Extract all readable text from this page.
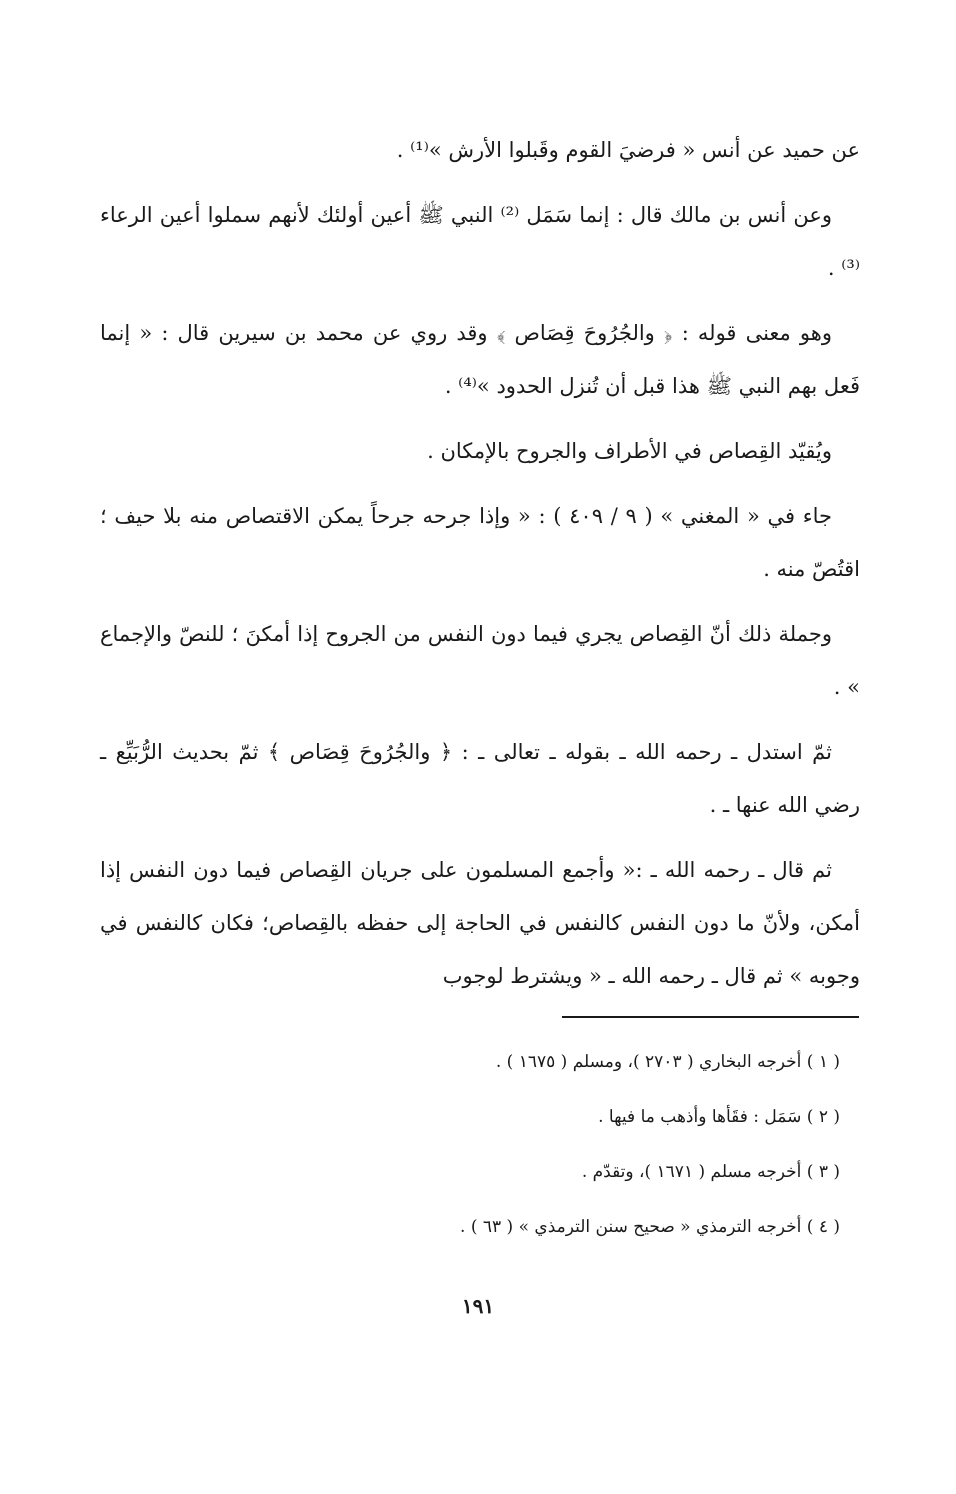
عن حميد عن أنس « فرضيَ القوم وقَبلوا الأرش »⁽¹⁾ .

وعن أنس بن مالك قال : إنما سَمَل ⁽²⁾ النبي ﷺ أعين أولئك لأنهم سملوا أعين الرعاء ⁽³⁾ .

وهو معنى قوله : ﴿ والجُرُوحَ قِصَاص ﴾ وقد روي عن محمد بن سيرين قال : « إنما فَعل بهم النبي ﷺ هذا قبل أن تُنزل الحدود »⁽⁴⁾ .

ويُقيّد القِصاص في الأطراف والجروح بالإمكان .

جاء في « المغني » ( ٩ / ٤٠٩ ) : « وإذا جرحه جرحاً يمكن الاقتصاص منه بلا حيف ؛ اقتُصّ منه .

وجملة ذلك أنّ القِصاص يجري فيما دون النفس من الجروح إذا أمكنَ ؛ للنصّ والإجماع » .

ثمّ استدل ـ رحمه الله ـ بقوله ـ تعالى ـ : ﴿ والجُرُوحَ قِصَاص ﴾ ثمّ بحديث الرُّبَيِّع ـ رضي الله عنها ـ .

ثم قال ـ رحمه الله ـ :« وأجمع المسلمون على جريان القِصاص فيما دون النفس إذا أمكن، ولأنّ ما دون النفس كالنفس في الحاجة إلى حفظه بالقِصاص؛ فكان كالنفس في وجوبه » ثم قال ـ رحمه الله ـ « ويشترط لوجوب

( ١ ) أخرجه البخاري ( ٢٧٠٣ )، ومسلم ( ١٦٧٥ ) .

( ٢ ) سَمَل : فقَأها وأذهب ما فيها .

( ٣ ) أخرجه مسلم ( ١٦٧١ )، وتقدّم .

( ٤ ) أخرجه الترمذي « صحيح سنن الترمذي » ( ٦٣ ) .

١٩١
